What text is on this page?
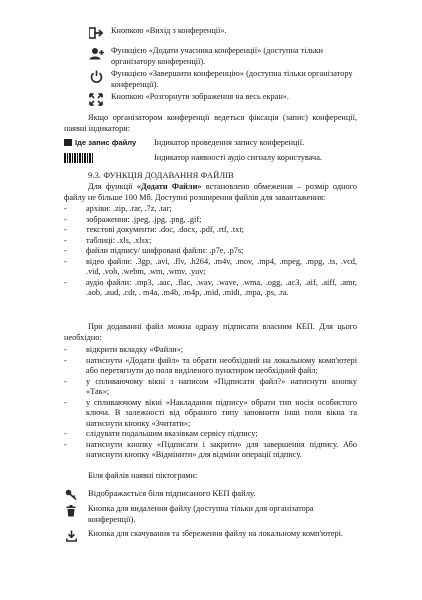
Кнопкою «Вихід з конференції».
Функцією «Додати учасника конференції» (доступна тільки організатору конференції).
Функцією «Завершити конференцію» (доступна тільки організатору конференції).
Кнопкою «Розгорнути зображення на весь екран».
Якщо організатором конференції ведеться фіксація (запис) конференції, наявні індикатори:
Іде запис файлу Індикатор проведення запису конференції.
Індикатор наявності аудіо сигналу користувача.
9.3. ФУНКЦІЯ ДОДАВАННЯ ФАЙЛІВ
Для функції «Додати Файли» встановлено обмеження – розмір одного файлу не більше 100 Мб. Доступні розширення файлів для завантаження:
-	архіви: .zip, .rar, .7z, .tar;
-	зображення: .jpeg, .jpg, .png, .gif;
-	текстові документи: .doc, .docx, .pdf, .rtf, .txt;
-	таблиці: .xls, .xlsx;
-	файли підпису/ шифровані файли: .p7e, .p7s;
-	відео файли: .3gp, .avi, .flv, .h264, .m4v, .mov, .mp4, .mpeg, .mpg, .ts, .vcd, .vid, .vob, .webm, .wm, .wmv, .yuv;
-	аудіо файли: .mp3, .aac, .flac, .wav, .wave, .wma, .ogg, .ac3, .aif, .aiff, .amr, .aob, .aud, .cdr, . m4a, .m4b, .m4p, .mid, .midi, .mpa, .ps, .ra.
При додаванні файл можна одразу підписати власним КЕП. Для цього необхідно:
-	відкрити вкладку «Файли»;
-	натиснути «Додати файл» та обрати необхідний на локальному комп'ютері або перетягнути до поля виділеного пунктиром необхідний файл;
-	у спливаючому вікні з написом «Підписати файл?» натиснути кнопку «Так»;
-	у спливаючому вікні «Накладання підпису» обрати тип носія особистого ключа. В залежності від обраного типу заповнити інші поля вікна та натиснути кнопку «Зчитати»;
-	слідувати подальшим вказівкам сервісу підпису;
-	натиснути кнопку «Підписати і закрити» для завершення підпису. Або натиснути кнопку «Відмінити» для відміни операції підпису.
Біля файлів наявні піктограми:
Відображається біля підписаного КЕП файлу.
Кнопка для видалення файлу (доступна тільки для організатора конференції).
Кнопка для скачування та збереження файлу на локальному комп'ютері.
